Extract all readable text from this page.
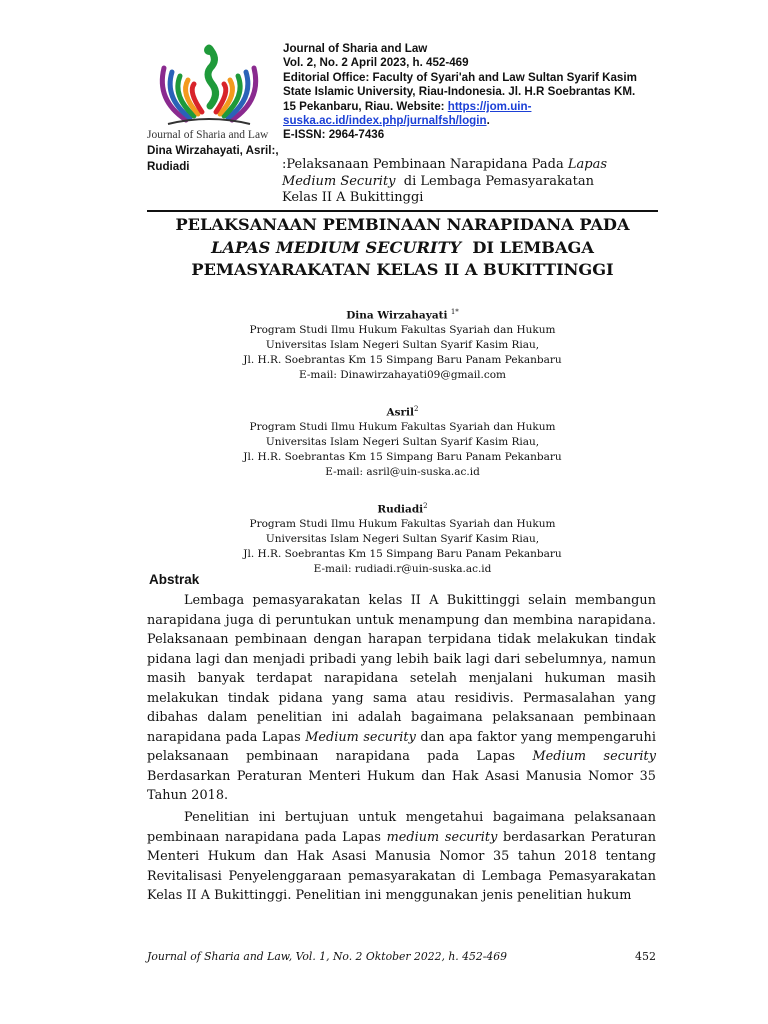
Journal of Sharia and Law
Journal of Sharia and Law
Vol. 2, No. 2 April 2023, h. 452-469
Editorial Office: Faculty of Syari'ah and Law Sultan Syarif Kasim
State Islamic University, Riau-Indonesia. Jl. H.R Soebrantas KM.
15 Pekanbaru, Riau. Website: https://jom.uin-
suska.ac.id/index.php/jurnalfsh/login.
E-ISSN: 2964-7436
Dina Wirzahayati, Asril:,
Rudiadi	:Pelaksanaan Pembinaan Narapidana Pada Lapas
Medium Security  di Lembaga Pemasyarakatan
Kelas II A Bukittinggi
PELAKSANAAN PEMBINAAN NARAPIDANA PADA
LAPAS MEDIUM SECURITY  DI LEMBAGA
PEMASYARAKATAN KELAS II A BUKITTINGGI
Dina Wirzahayati $^{1*}$
Program Studi Ilmu Hukum Fakultas Syariah dan Hukum
Universitas Islam Negeri Sultan Syarif Kasim Riau,
Jl. H.R. Soebrantas Km 15 Simpang Baru Panam Pekanbaru
E-mail: Dinawirzahayati09@gmail.com
Asril$^2$
Program Studi Ilmu Hukum Fakultas Syariah dan Hukum
Universitas Islam Negeri Sultan Syarif Kasim Riau,
Jl. H.R. Soebrantas Km 15 Simpang Baru Panam Pekanbaru
E-mail: asril@uin-suska.ac.id
Rudiadi$^2$
Program Studi Ilmu Hukum Fakultas Syariah dan Hukum
Universitas Islam Negeri Sultan Syarif Kasim Riau,
Jl. H.R. Soebrantas Km 15 Simpang Baru Panam Pekanbaru
E-mail: rudiadi.r@uin-suska.ac.id
Abstrak
Lembaga pemasyarakatan kelas II A Bukittinggi selain membangun narapidana juga di peruntukan untuk menampung dan membina narapidana. Pelaksanaan pembinaan dengan harapan terpidana tidak melakukan tindak pidana lagi dan menjadi pribadi yang lebih baik lagi dari sebelumnya, namun masih banyak terdapat narapidana setelah menjalani hukuman masih melakukan tindak pidana yang sama atau residivis. Permasalahan yang dibahas dalam penelitian ini adalah bagaimana pelaksanaan pembinaan narapidana pada Lapas Medium security dan apa faktor yang mempengaruhi pelaksanaan pembinaan narapidana pada Lapas Medium security Berdasarkan Peraturan Menteri Hukum dan Hak Asasi Manusia Nomor 35 Tahun 2018.
Penelitian ini bertujuan untuk mengetahui bagaimana pelaksanaan pembinaan narapidana pada Lapas medium security berdasarkan Peraturan Menteri Hukum dan Hak Asasi Manusia Nomor 35 tahun 2018 tentang Revitalisasi Penyelenggaraan pemasyarakatan di Lembaga Pemasyarakatan Kelas II A Bukittinggi. Penelitian ini menggunakan jenis penelitian hukum
Journal of Sharia and Law, Vol. 1, No. 2 Oktober 2022, h. 452-469	452
